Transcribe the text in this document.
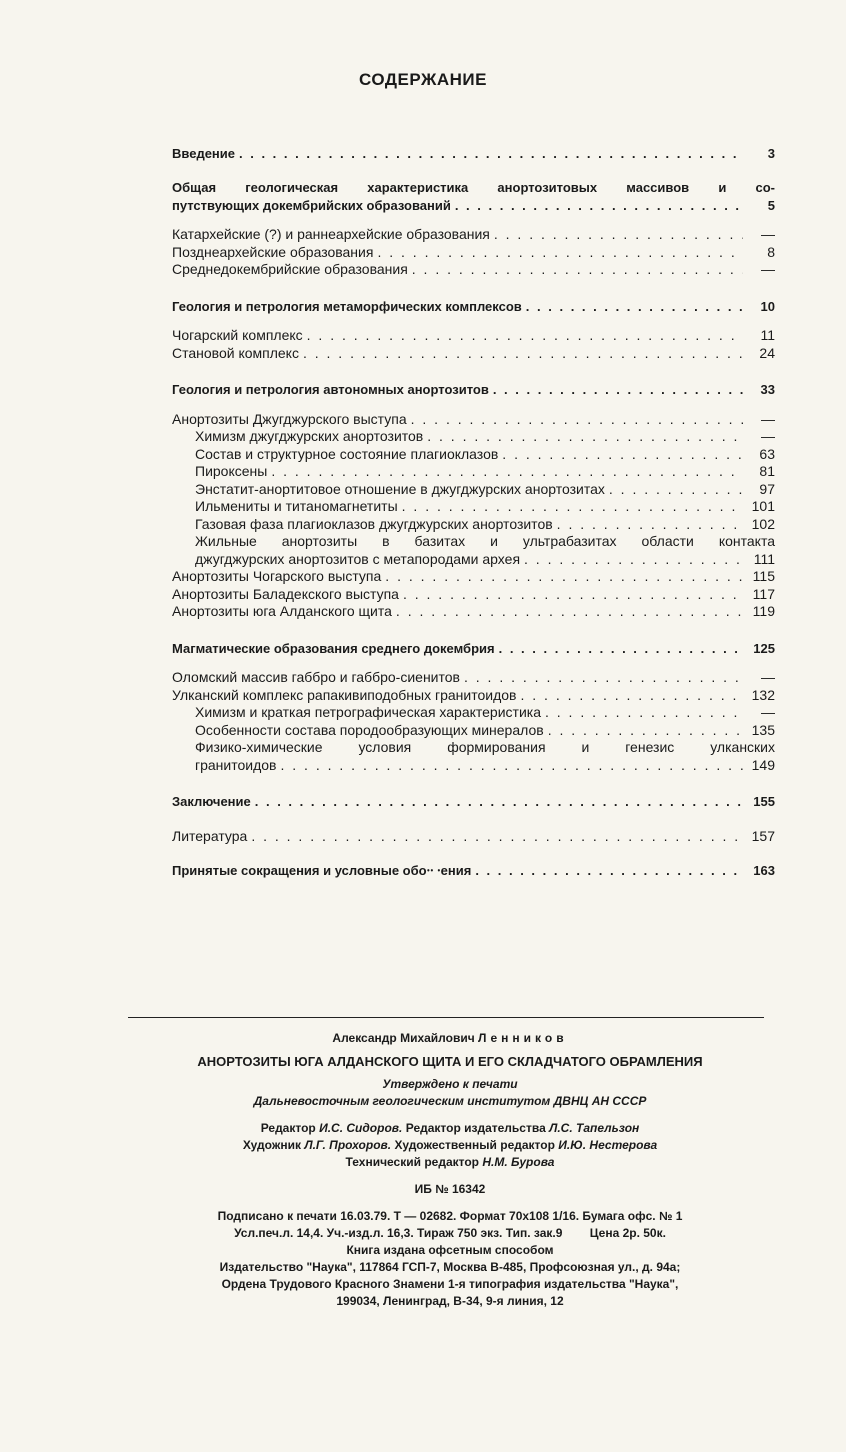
СОДЕРЖАНИЕ
Введение . . .	3
Общая геологическая характеристика анортозитовых массивов и со-
путствующих докембрийских образований . . .	5
Катархейские (?) и раннеархейские образования . . .	—
Позднеархейские образования . . .	8
Среднедокембрийские образования . . .	—
Геология и петрология метаморфических комплексов . . .	10
Чогарский комплекс . . .	11
Становой комплекс . . .	24
Геология и петрология автономных анортозитов . . .	33
Анортозиты Джугджурского выступа . . .	—
Химизм джугджурских анортозитов . . .	—
Состав и структурное состояние плагиоклазов . . .	63
Пироксены . . .	81
Энстатит-анортитовое отношение в джугджурских анортозитах . . .	97
Ильмениты и титаномагнетиты . . .	101
Газовая фаза плагиоклазов джугджурских анортозитов . . .	102
Жильные анортозиты в базитах и ультрабазитах области контакта
джугджурских анортозитов с метапородами архея . . .	111
Анортозиты Чогарского выступа . . .	115
Анортозиты Баладекского выступа . . .	117
Анортозиты юга Алданского щита . . .	119
Магматические образования среднего докембрия . . .	125
Оломский массив габбро и габбро-сиенитов . . .	—
Улканский комплекс рапакивиподобных гранитоидов . . .	132
Химизм и краткая петрографическая характеристика . . .	—
Особенности состава породообразующих минералов . . .	135
Физико-химические условия формирования и генезис улканских
гранитоидов . . .	149
Заключение . . .	155
Литература . . .	157
Принятые сокращения и условные обо⸱⸱ ⸱ения . . .	163
Александр Михайлович Ленников
АНОРТОЗИТЫ ЮГА АЛДАНСКОГО ЩИТА И ЕГО СКЛАДЧАТОГО ОБРАМЛЕНИЯ
Утверждено к печати
Дальневосточным геологическим институтом ДВНЦ АН СССР
Редактор И.С. Сидоров. Редактор издательства Л.С. Тапельзон
Художник Л.Г. Прохоров. Художественный редактор И.Ю. Нестерова
Технический редактор Н.М. Бурова
ИБ № 16342
Подписано к печати 16.03.79. Т — 02682. Формат 70х108 1/16. Бумага офс. № 1
Усл.печ.л. 14,4. Уч.-изд.л. 16,3. Тираж 750 экз. Тип. зак.9 Цена 2р. 50к.
Книга издана офсетным способом
Издательство "Наука", 117864 ГСП-7, Москва В-485, Профсоюзная ул., д. 94а;
Ордена Трудового Красного Знамени 1-я типография издательства "Наука",
199034, Ленинград, В-34, 9-я линия, 12
